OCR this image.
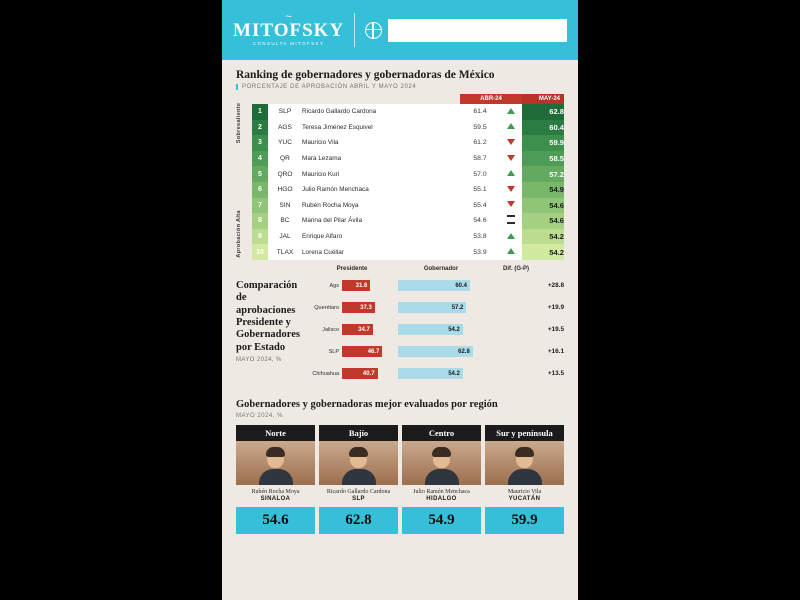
~
MITOFSKY
CONSULTA MITOFSKY
EL ECONOMISTA
Ranking de gobernadores y gobernadoras de México
PORCENTAJE DE APROBACIÓN ABRIL Y MAYO 2024
Sobresaliente
Aprobación Alta
			ABR-24		MAY-24
1	SLP	Ricardo Gallardo Cardona	61.4		62.8
2	AGS	Teresa Jiménez Esquivel	59.5		60.4
3	YUC	Mauricio Vila	61.2		59.9
4	QR	Mara Lezama	58.7		58.5
5	QRO	Mauricio Kuri	57.0		57.2
6	HGO	Julio Ramón Menchaca	55.1		54.9
7	SIN	Rubén Rocha Moya	55.4		54.6
8	BC	Marina del Pilar Ávila	54.6		54.6
9	JAL	Enrique Alfaro	53.8		54.2
10	TLAX	Lorena Cuéllar	53.9		54.2
Comparación de aprobaciones Presidente y Gobernadores por Estado
MAYO 2024, %
Presidente	Gobernador	Dif. (G-P)
Ags	31.6	60.4	+28.8
Querétaro	37.3	57.2	+19.9
Jalisco	34.7	54.2	+19.5
SLP	46.7	62.8	+16.1
Chihuahua	40.7	54.2	+13.5
Gobernadores y gobernadoras mejor evaluados por región
MAYO 2024, %
Norte
Rubén Rocha Moya
SINALOA
54.6
Bajío
Ricardo Gallardo Cardona
SLP
62.8
Centro
Julio Ramón Menchaca
HIDALGO
54.9
Sur y península
Mauricio Vila
YUCATÁN
59.9
